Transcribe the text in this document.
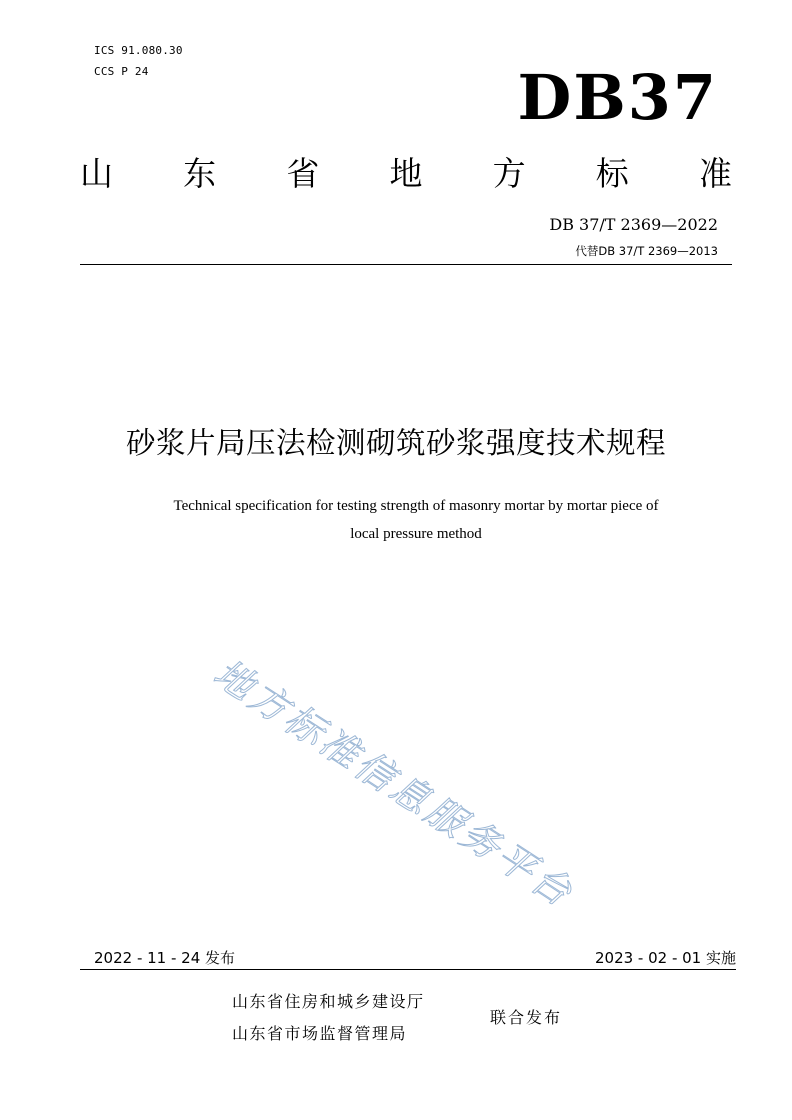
ICS 91.080.30
CCS P 24	DB37
山 东 省 地 方 标 准
DB 37/T 2369—2022
代替DB 37/T 2369—2013
砂浆片局压法检测砌筑砂浆强度技术规程
Technical specification for testing strength of masonry mortar by mortar piece of
local pressure method
地方标准信息服务平台
2022 - 11 - 24 发布	2023 - 02 - 01 实施
山东省住房和城乡建设厅
山东省市场监督管理局
联合发布
